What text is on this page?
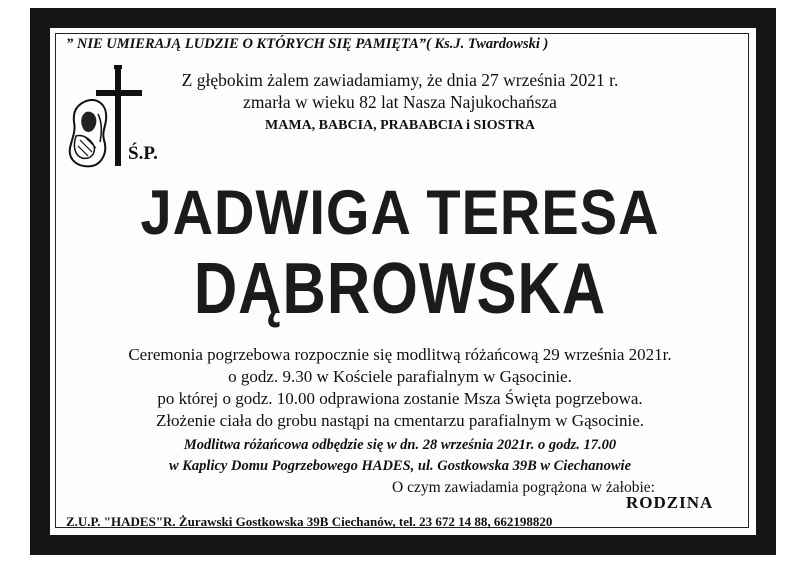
” NIE UMIERAJĄ LUDZIE O KTÓRYCH SIĘ PAMIĘTA”( Ks.J. Twardowski )
Z głębokim żalem zawiadamiamy, że dnia 27 września 2021 r.
zmarła w wieku 82 lat Nasza Najukochańsza
MAMA, BABCIA, PRABABCIA i SIOSTRA
Ś.P.
JADWIGA TERESA
DĄBROWSKA
Ceremonia pogrzebowa rozpocznie się modlitwą różańcową 29 września 2021r.
o godz. 9.30 w Kościele parafialnym w Gąsocinie.
po której o godz. 10.00 odprawiona zostanie Msza Święta pogrzebowa.
Złożenie ciała do grobu nastąpi na cmentarzu parafialnym w Gąsocinie.
Modlitwa różańcowa odbędzie się w dn. 28 września 2021r. o godz. 17.00
w Kaplicy Domu Pogrzebowego HADES, ul. Gostkowska 39B w Ciechanowie
O czym zawiadamia pogrążona w żałobie:
RODZINA
Z.U.P. "HADES"R. Żurawski Gostkowska 39B Ciechanów, tel. 23 672 14 88, 662198820
